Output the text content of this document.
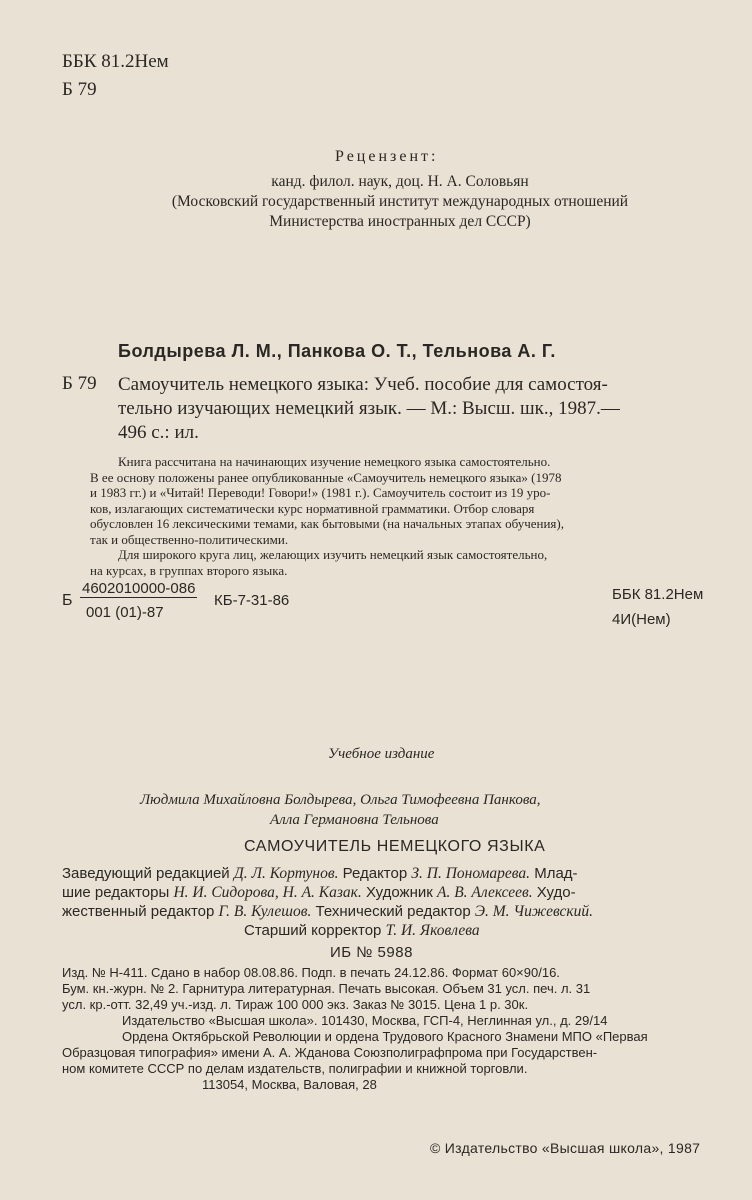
ББК 81.2Нем
Б 79
Рецензент:
канд. филол. наук, доц. Н. А. Соловьян
(Московский государственный институт международных отношений
Министерства иностранных дел СССР)
Болдырева Л. М., Панкова О. Т., Тельнова А. Г.
Б 79 Самоучитель немецкого языка: Учеб. пособие для самостоя-
тельно изучающих немецкий язык. — М.: Высш. шк., 1987.—
496 с.: ил.
Книга рассчитана на начинающих изучение немецкого языка самостоятельно.
В ее основу положены ранее опубликованные «Самоучитель немецкого языка» (1978
и 1983 гг.) и «Читай! Переводи! Говори!» (1981 г.). Самоучитель состоит из 19 уро-
ков, излагающих систематически курс нормативной грамматики. Отбор словаря
обусловлен 16 лексическими темами, как бытовыми (на начальных этапах обучения),
так и общественно-политическими.
Для широкого круга лиц, желающих изучить немецкий язык самостоятельно,
на курсах, в группах второго языка.
Б
4602010000-086
001 (01)-87
КБ-7-31-86	ББК 81.2Нем
4И(Нем)
Учебное издание
Людмила Михайловна Болдырева, Ольга Тимофеевна Панкова,
Алла Германовна Тельнова
САМОУЧИТЕЛЬ НЕМЕЦКОГО ЯЗЫКА
Заведующий редакцией Д. Л. Кортунов. Редактор З. П. Пономарева. Млад-
шие редакторы Н. И. Сидорова, Н. А. Казак. Художник А. В. Алексеев. Худо-
жественный редактор Г. В. Кулешов. Технический редактор Э. М. Чижевский.
Старший корректор Т. И. Яковлева
ИБ № 5988
Изд. № Н-411. Сдано в набор 08.08.86. Подп. в печать 24.12.86. Формат 60×90/16.
Бум. кн.-журн. № 2. Гарнитура литературная. Печать высокая. Объем 31 усл. печ. л. 31
усл. кр.-отт. 32,49 уч.-изд. л. Тираж 100 000 экз. Заказ № 3015. Цена 1 р. 30к.
Издательство «Высшая школа». 101430, Москва, ГСП-4, Неглинная ул., д. 29/14
Ордена Октябрьской Революции и ордена Трудового Красного Знамени МПО «Первая
Образцовая типография» имени А. А. Жданова Союзполиграфпрома при Государствен-
ном комитете СССР по делам издательств, полиграфии и книжной торговли.
113054, Москва, Валовая, 28
© Издательство «Высшая школа», 1987
